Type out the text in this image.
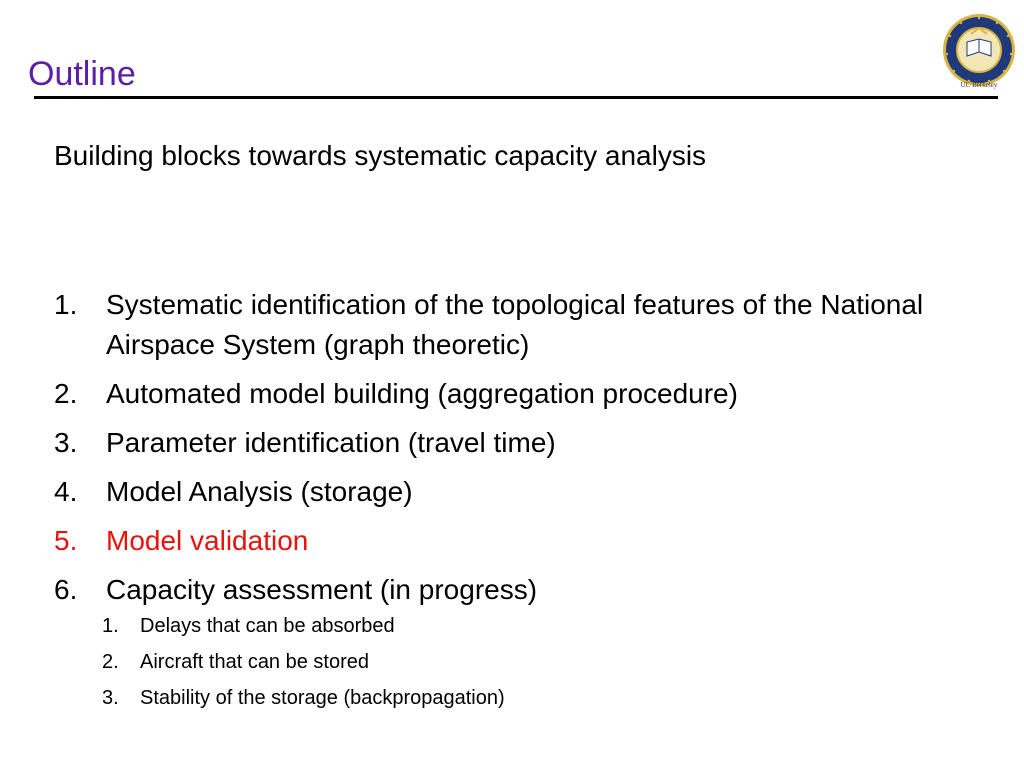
Outline	UC Berkeley
Building blocks towards systematic capacity analysis
1. Systematic identification of the topological features of the National Airspace System (graph theoretic)
2. Automated model building (aggregation procedure)
3. Parameter identification (travel time)
4. Model Analysis (storage)
5. Model validation
6. Capacity assessment (in progress)
1. Delays that can be absorbed
2. Aircraft that can be stored
3. Stability of the storage (backpropagation)
